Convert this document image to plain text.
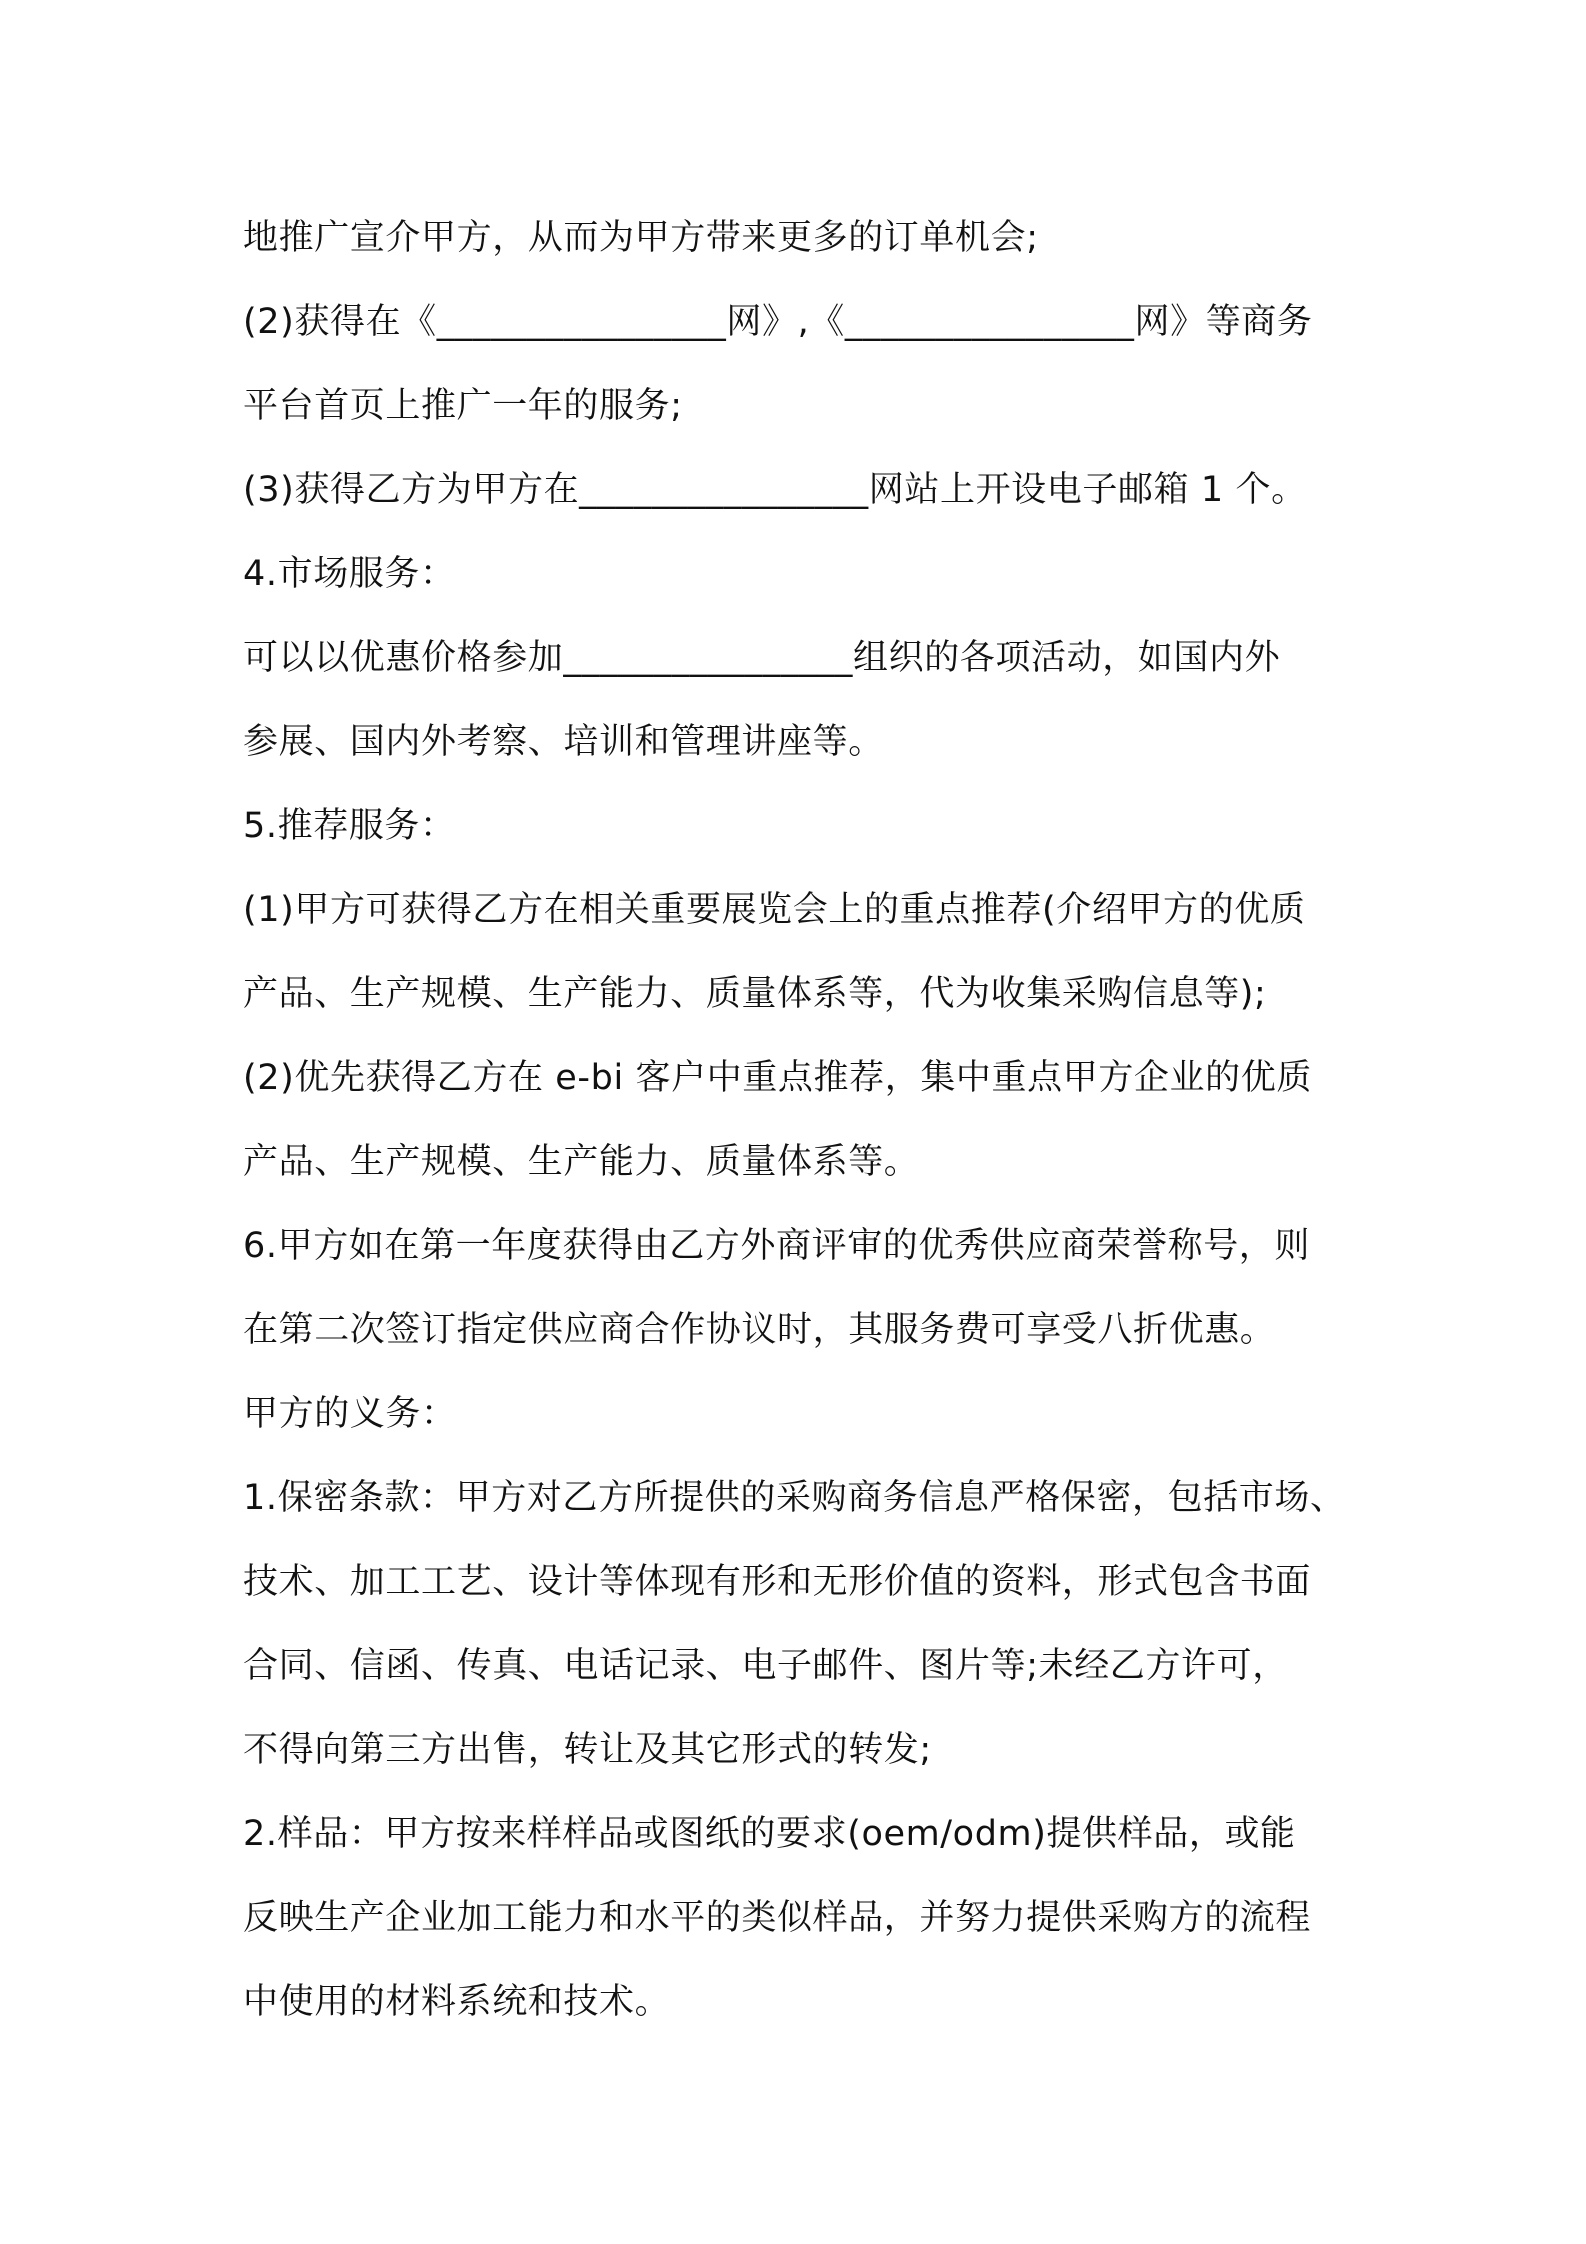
地推广宣介甲方，从而为甲方带来更多的订单机会;
(2)获得在《________________网》,《________________网》等商务
平台首页上推广一年的服务;
(3)获得乙方为甲方在________________网站上开设电子邮箱 1 个。
4.市场服务：
可以以优惠价格参加________________组织的各项活动，如国内外
参展、国内外考察、培训和管理讲座等。
5.推荐服务：
(1)甲方可获得乙方在相关重要展览会上的重点推荐(介绍甲方的优质
产品、生产规模、生产能力、质量体系等，代为收集采购信息等);
(2)优先获得乙方在 e-bi 客户中重点推荐，集中重点甲方企业的优质
产品、生产规模、生产能力、质量体系等。
6.甲方如在第一年度获得由乙方外商评审的优秀供应商荣誉称号，则
在第二次签订指定供应商合作协议时，其服务费可享受八折优惠。
甲方的义务：
1.保密条款：甲方对乙方所提供的采购商务信息严格保密，包括市场、
技术、加工工艺、设计等体现有形和无形价值的资料，形式包含书面
合同、信函、传真、电话记录、电子邮件、图片等;未经乙方许可，
不得向第三方出售，转让及其它形式的转发;
2.样品：甲方按来样样品或图纸的要求(oem/odm)提供样品，或能
反映生产企业加工能力和水平的类似样品，并努力提供采购方的流程
中使用的材料系统和技术。
